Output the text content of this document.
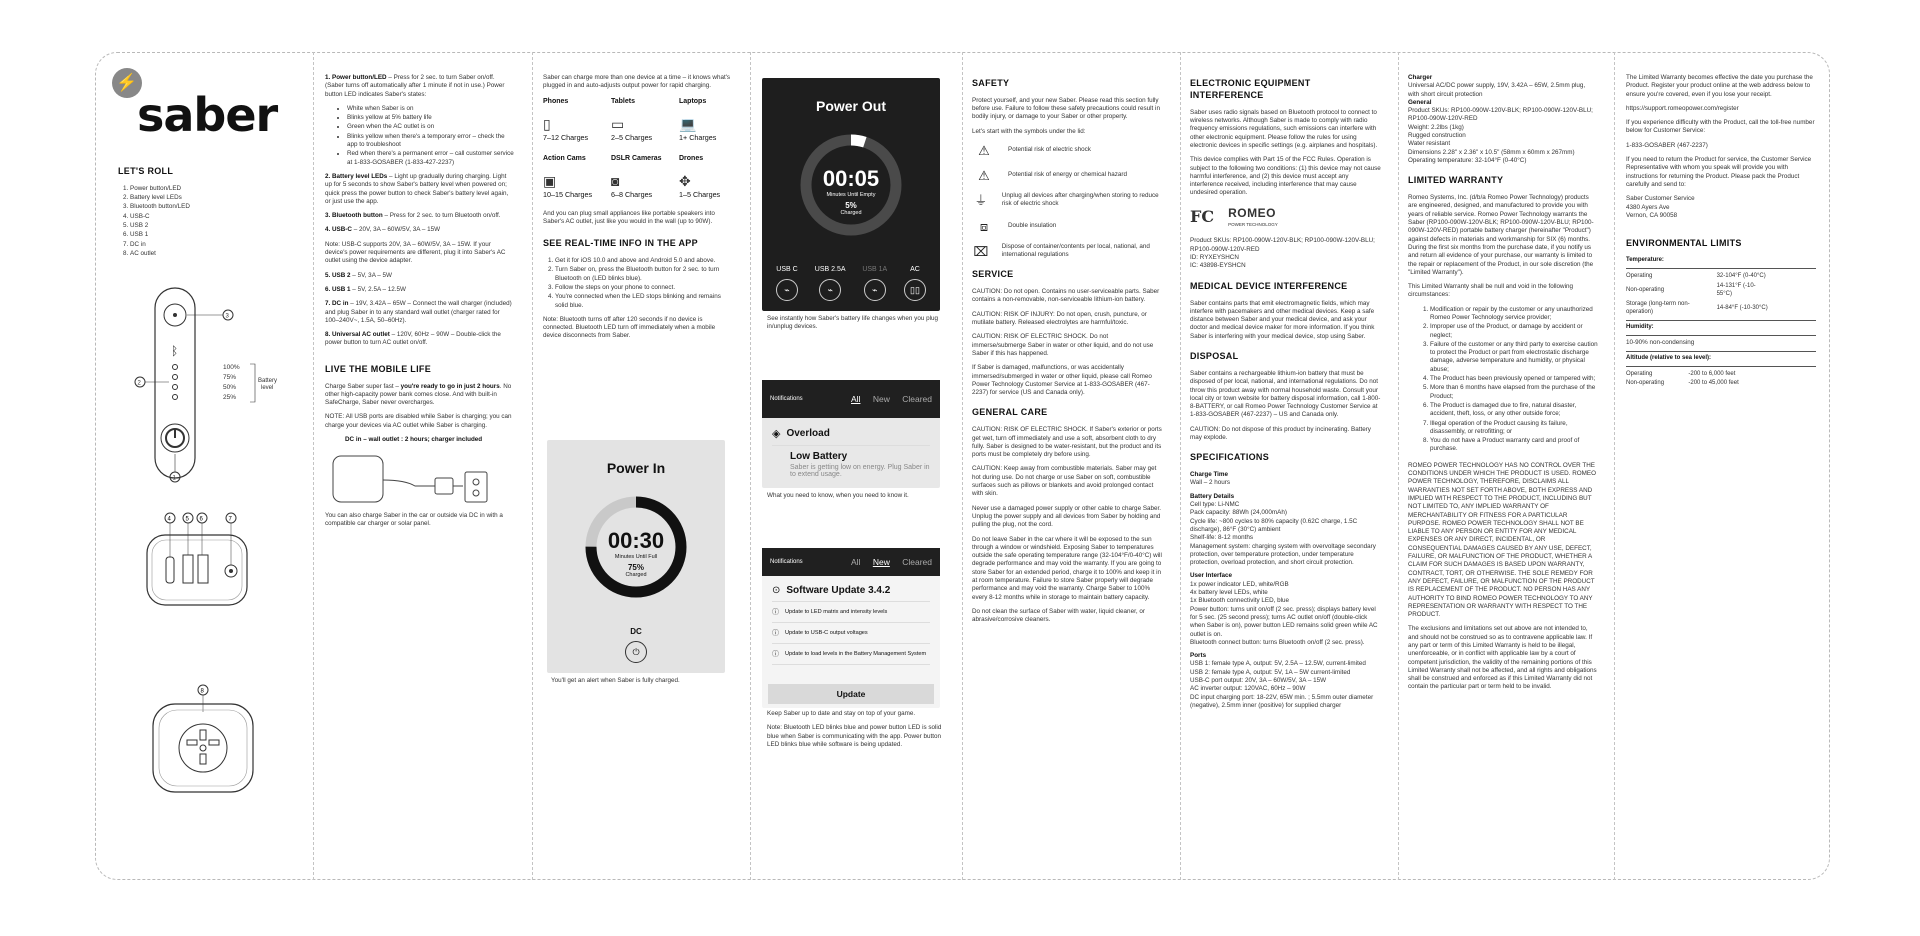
⚡
saber
LET'S ROLL
1. Power button/LED
2. Battery level LEDs
3. Bluetooth button/LED
4. USB-C
5. USB 2
6. USB 1
7. DC in
8. AC outlet
ᛒ
3
2
1
100%
75%
50%
25%
Battery
level
4 5 6	7
8

1. Power button/LED – Press for 2 sec. to turn Saber on/off. (Saber turns off automatically after 1 minute if not in use.) Power button LED indicates Saber's states:

• White when Saber is on
• Blinks yellow at 5% battery life
• Green when the AC outlet is on
• Blinks yellow when there's a temporary error – check the app to troubleshoot
• Red when there's a permanent error – call customer service at 1-833-GOSABER (1-833-427-2237)

2. Battery level LEDs – Light up gradually during charging. Light up for 5 seconds to show Saber's battery level when powered on; quick press the power button to check Saber's battery level again, or just use the app.

3. Bluetooth button – Press for 2 sec. to turn Bluetooth on/off.

4. USB-C – 20V, 3A – 60W/5V, 3A – 15W

Note: USB-C supports 20V, 3A – 60W/5V, 3A – 15W. If your device's power requirements are different, plug it into Saber's AC outlet using the device adapter.

5. USB 2 – 5V, 3A – 5W

6. USB 1 – 5V, 2.5A – 12.5W

7. DC in – 19V, 3.42A – 65W – Connect the wall charger (included) and plug Saber in to any standard wall outlet (charger rated for 100–240V~, 1.5A, 50–60Hz).

8. Universal AC outlet – 120V, 60Hz – 90W – Double-click the power button to turn AC outlet on/off.

LIVE THE MOBILE LIFE

Charge Saber super fast – you're ready to go in just 2 hours. No other high-capacity power bank comes close. And with built-in SafeCharge, Saber never overcharges.

NOTE: All USB ports are disabled while Saber is charging; you can charge your devices via AC outlet while Saber is charging.

DC in – wall outlet : 2 hours; charger included

You can also charge Saber in the car or outside via DC in with a compatible car charger or solar panel.

Saber can charge more than one device at a time – it knows what's plugged in and auto-adjusts output power for rapid charging.

Phones
▯
7–12 Charges
Tablets
▭
2–5 Charges
Laptops
💻
1+ Charges
Action Cams
▣
10–15 Charges
DSLR Cameras
◙
6–8 Charges
Drones
✥
1–5 Charges

And you can plug small appliances like portable speakers into Saber's AC outlet, just like you would in the wall (up to 90W).

SEE REAL-TIME INFO IN THE APP
1. Get it for iOS 10.0 and above and Android 5.0 and above.
2. Turn Saber on, press the Bluetooth button for 2 sec. to turn Bluetooth on (LED blinks blue).
3. Follow the steps on your phone to connect.
4. You're connected when the LED stops blinking and remains solid blue.

Note: Bluetooth turns off after 120 seconds if no device is connected. Bluetooth LED turn off immediately when a mobile device disconnects from Saber.

Power In
00:30
Minutes Until Full
75%
Charged
DC
⏻

You'll get an alert when Saber is fully charged.

Power Out
00:05
Minutes Until Empty
5%
Charged
USB C
⌁
USB 2.5A
⌁
USB 1A
⌁
AC
▯▯

See instantly how Saber's battery life changes when you plug in/unplug devices.

Notifications	All New Cleared
◈ Overload
Low Battery
Saber is getting low on energy. Plug Saber in to extend usage.

What you need to know, when you need to know it.

Notifications	All New Cleared
⊙ Software Update 3.4.2
ⓘ Update to LED matrix and intensity levels
ⓘ Update to USB-C output voltages
ⓘ Update to load levels in the Battery Management System
Update

Keep Saber up to date and stay on top of your game.

Note: Bluetooth LED blinks blue and power button LED is solid blue when Saber is communicating with the app. Power button LED blinks blue while software is being updated.

SAFETY

Protect yourself, and your new Saber. Please read this section fully before use. Failure to follow these safety precautions could result in bodily injury, or damage to your Saber or other property.

Let's start with the symbols under the lid:

⚠	Potential risk of electric shock
⚠	Potential risk of energy or chemical hazard
⏚	Unplug all devices after charging/when storing to reduce risk of electric shock
⧈	Double insulation
⌧ Dispose of container/contents per local, national, and international regulations
SERVICE

CAUTION: Do not open. Contains no user-serviceable parts. Saber contains a non-removable, non-serviceable lithium-ion battery.

CAUTION: RISK OF INJURY: Do not open, crush, puncture, or mutilate battery. Released electrolytes are harmful/toxic.

CAUTION: RISK OF ELECTRIC SHOCK. Do not immerse/submerge Saber in water or other liquid, and do not use Saber if this has happened.

If Saber is damaged, malfunctions, or was accidentally immersed/submerged in water or other liquid, please call Romeo Power Technology Customer Service at 1-833-GOSABER (467-2237) for service (US and Canada only).

GENERAL CARE

CAUTION: RISK OF ELECTRIC SHOCK. If Saber's exterior or ports get wet, turn off immediately and use a soft, absorbent cloth to dry fully. Saber is designed to be water-resistant, but the product and its ports must be completely dry before using.

CAUTION: Keep away from combustible materials. Saber may get hot during use. Do not charge or use Saber on soft, combustible surfaces such as pillows or blankets and avoid prolonged contact with skin.

Never use a damaged power supply or other cable to charge Saber. Unplug the power supply and all devices from Saber by holding and pulling the plug, not the cord.

Do not leave Saber in the car where it will be exposed to the sun through a window or windshield. Exposing Saber to temperatures outside the safe operating temperature range (32-104°F/0-40°C) will degrade performance and may void the warranty. If you are going to store Saber for an extended period, charge it to 100% and keep it in at room temperature. Failure to store Saber properly will degrade performance and may void the warranty. Charge Saber to 100% every 8-12 months while in storage to maintain battery capacity.

Do not clean the surface of Saber with water, liquid cleaner, or abrasive/corrosive cleaners.

ELECTRONIC EQUIPMENT INTERFERENCE

Saber uses radio signals based on Bluetooth protocol to connect to wireless networks. Although Saber is made to comply with radio frequency emissions regulations, such emissions can interfere with other electronic equipment. Please follow the rules for using electronic devices in specific settings (e.g. airplanes and hospitals).

This device complies with Part 15 of the FCC Rules. Operation is subject to the following two conditions: (1) this device may not cause harmful interference, and (2) this device must accept any interference received, including interference that may cause undesired operation.

FC ROMEO
POWER TECHNOLOGY

Product SKUs: RP100-090W-120V-BLK; RP100-090W-120V-BLU; RP100-090W-120V-RED

ID: RYXEYSHCN

IC: 43898-EYSHCN

MEDICAL DEVICE INTERFERENCE

Saber contains parts that emit electromagnetic fields, which may interfere with pacemakers and other medical devices. Keep a safe distance between Saber and your medical device, and ask your doctor and medical device maker for more information. If you think Saber is interfering with your medical device, stop using Saber.

DISPOSAL

Saber contains a rechargeable lithium-ion battery that must be disposed of per local, national, and international regulations. Do not throw this product away with normal household waste. Consult your local city or town website for battery disposal information, call 1-800-8-BATTERY, or call Romeo Power Technology Customer Service at 1-833-GOSABER (467-2237) – US and Canada only.

CAUTION: Do not dispose of this product by incinerating. Battery may explode.

SPECIFICATIONS

Charge Time

Wall – 2 hours

Battery Details

Cell type: Li-NMC

Pack capacity: 88Wh (24,000mAh)

Cycle life: ~800 cycles to 80% capacity (0.62C charge, 1.5C discharge), 86°F (30°C) ambient

Shelf-life: 8-12 months

Management system: charging system with overvoltage secondary protection, over temperature protection, under temperature protection, overload protection, and short circuit protection.

User Interface

1x power indicator LED, white/RGB

4x battery level LEDs, white

1x Bluetooth connectivity LED, blue

Power button: turns unit on/off (2 sec. press); displays battery level for 5 sec. (25 second press); turns AC outlet on/off (double-click when Saber is on), power button LED remains solid green while AC outlet is on.

Bluetooth connect button: turns Bluetooth on/off (2 sec. press).

Ports

USB 1: female type A, output: 5V, 2.5A – 12.5W, current-limited

USB 2: female type A, output: 5V, 1A – 5W current-limited

USB-C port output: 20V, 3A – 60W/5V, 3A – 15W

AC inverter output: 120VAC, 60Hz – 90W

DC input charging port: 18-22V, 65W min. ; 5.5mm outer diameter (negative), 2.5mm inner (positive) for supplied charger

Charger

Universal AC/DC power supply, 19V, 3.42A – 65W, 2.5mm plug, with short circuit protection

General

Product SKUs: RP100-090W-120V-BLK; RP100-090W-120V-BLU; RP100-090W-120V-RED

Weight: 2.2lbs (1kg)

Rugged construction

Water resistant

Dimensions 2.28" x 2.36" x 10.5" (58mm x 60mm x 267mm)

Operating temperature: 32-104°F (0-40°C)

LIMITED WARRANTY

Romeo Systems, Inc. (d/b/a Romeo Power Technology) products are engineered, designed, and manufactured to provide you with years of reliable service. Romeo Power Technology warrants the Saber (RP100-090W-120V-BLK; RP100-090W-120V-BLU; RP100-090W-120V-RED) portable battery charger (hereinafter "Product") against defects in materials and workmanship for SIX (6) months. During the first six months from the purchase date, if you notify us and return all evidence of your purchase, our warranty is limited to the repair or replacement of the Product, in our sole discretion (the "Limited Warranty").

This Limited Warranty shall be null and void in the following circumstances:

1. Modification or repair by the customer or any unauthorized Romeo Power Technology service provider;
2. Improper use of the Product, or damage by accident or neglect;
3. Failure of the customer or any third party to exercise caution to protect the Product or part from electrostatic discharge damage, adverse temperature and humidity, or physical abuse;
4. The Product has been previously opened or tampered with;
5. More than 6 months have elapsed from the purchase of the Product;
6. The Product is damaged due to fire, natural disaster, accident, theft, loss, or any other outside force;
7. Illegal operation of the Product causing its failure, disassembly, or retrofitting; or
8. You do not have a Product warranty card and proof of purchase.

ROMEO POWER TECHNOLOGY HAS NO CONTROL OVER THE CONDITIONS UNDER WHICH THE PRODUCT IS USED. ROMEO POWER TECHNOLOGY, THEREFORE, DISCLAIMS ALL WARRANTIES NOT SET FORTH ABOVE, BOTH EXPRESS AND IMPLIED WITH RESPECT TO THE PRODUCT, INCLUDING BUT NOT LIMITED TO, ANY IMPLIED WARRANTY OF MERCHANTABILITY OR FITNESS FOR A PARTICULAR PURPOSE. ROMEO POWER TECHNOLOGY SHALL NOT BE LIABLE TO ANY PERSON OR ENTITY FOR ANY MEDICAL EXPENSES OR ANY DIRECT, INCIDENTAL, OR CONSEQUENTIAL DAMAGES CAUSED BY ANY USE, DEFECT, FAILURE, OR MALFUNCTION OF THE PRODUCT, WHETHER A CLAIM FOR SUCH DAMAGES IS BASED UPON WARRANTY, CONTRACT, TORT, OR OTHERWISE. THE SOLE REMEDY FOR ANY DEFECT, FAILURE, OR MALFUNCTION OF THE PRODUCT IS REPLACEMENT OF THE PRODUCT. NO PERSON HAS ANY AUTHORITY TO BIND ROMEO POWER TECHNOLOGY TO ANY REPRESENTATION OR WARRANTY WITH RESPECT TO THE PRODUCT.

The exclusions and limitations set out above are not intended to, and should not be construed so as to contravene applicable law. If any part or term of this Limited Warranty is held to be illegal, unenforceable, or in conflict with applicable law by a court of competent jurisdiction, the validity of the remaining portions of this Limited Warranty shall not be affected, and all rights and obligations shall be construed and enforced as if this Limited Warranty did not contain the particular part or term held to be invalid.

The Limited Warranty becomes effective the date you purchase the Product. Register your product online at the web address below to ensure you're covered, even if you lose your receipt.

https://support.romeopower.com/register

If you experience difficulty with the Product, call the toll-free number below for Customer Service:

1-833-GOSABER (467-2237)

If you need to return the Product for service, the Customer Service Representative with whom you speak will provide you with instructions for returning the Product. Please pack the Product carefully and send to:

Saber Customer Service

4380 Ayers Ave

Vernon, CA 90058

ENVIRONMENTAL LIMITS
Temperature:
Operating	32-104°F (0-40°C)
Non-operating	14-131°F (-10-55°C)
Storage (long-term non-operation)	14-84°F (-10-30°C)
Humidity:
10-90% non-condensing
Altitude (relative to sea level):
Operating	-200 to 6,000 feet
Non-operating	-200 to 45,000 feet
